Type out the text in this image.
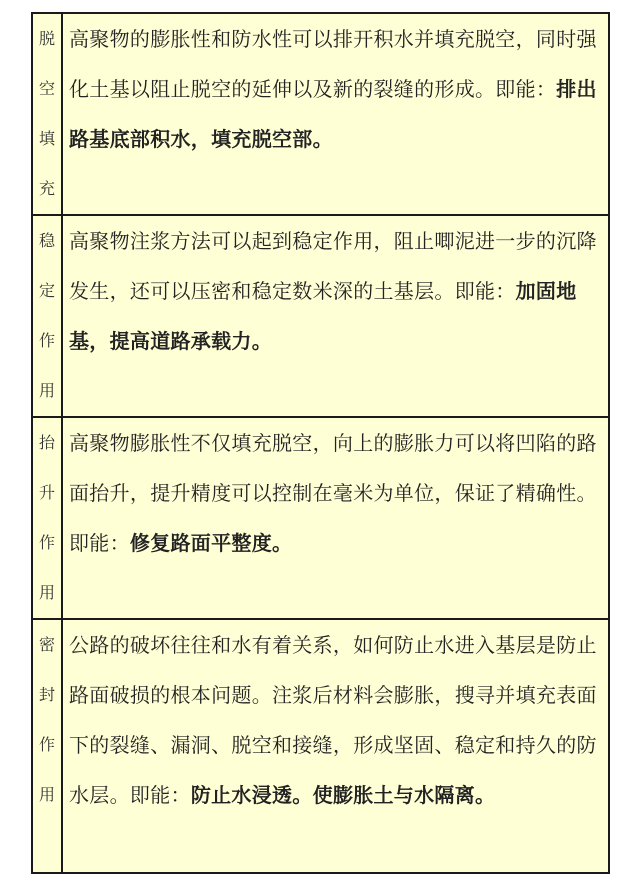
脱
空
填
充	高聚物的膨胀性和防水性可以排开积水并填充脱空，同时强化土基以阻止脱空的延伸以及新的裂缝的形成。即能：排出路基底部积水，填充脱空部。

稳
定
作
用	高聚物注浆方法可以起到稳定作用，阻止唧泥进一步的沉降发生，还可以压密和稳定数米深的土基层。即能：加固地基，提高道路承载力。

抬
升
作
用	高聚物膨胀性不仅填充脱空，向上的膨胀力可以将凹陷的路面抬升，提升精度可以控制在毫米为单位，保证了精确性。即能：修复路面平整度。

密
封
作
用	公路的破坏往往和水有着关系，如何防止水进入基层是防止路面破损的根本问题。注浆后材料会膨胀，搜寻并填充表面下的裂缝、漏洞、脱空和接缝，形成坚固、稳定和持久的防水层。即能：防止水浸透。使膨胀土与水隔离。
